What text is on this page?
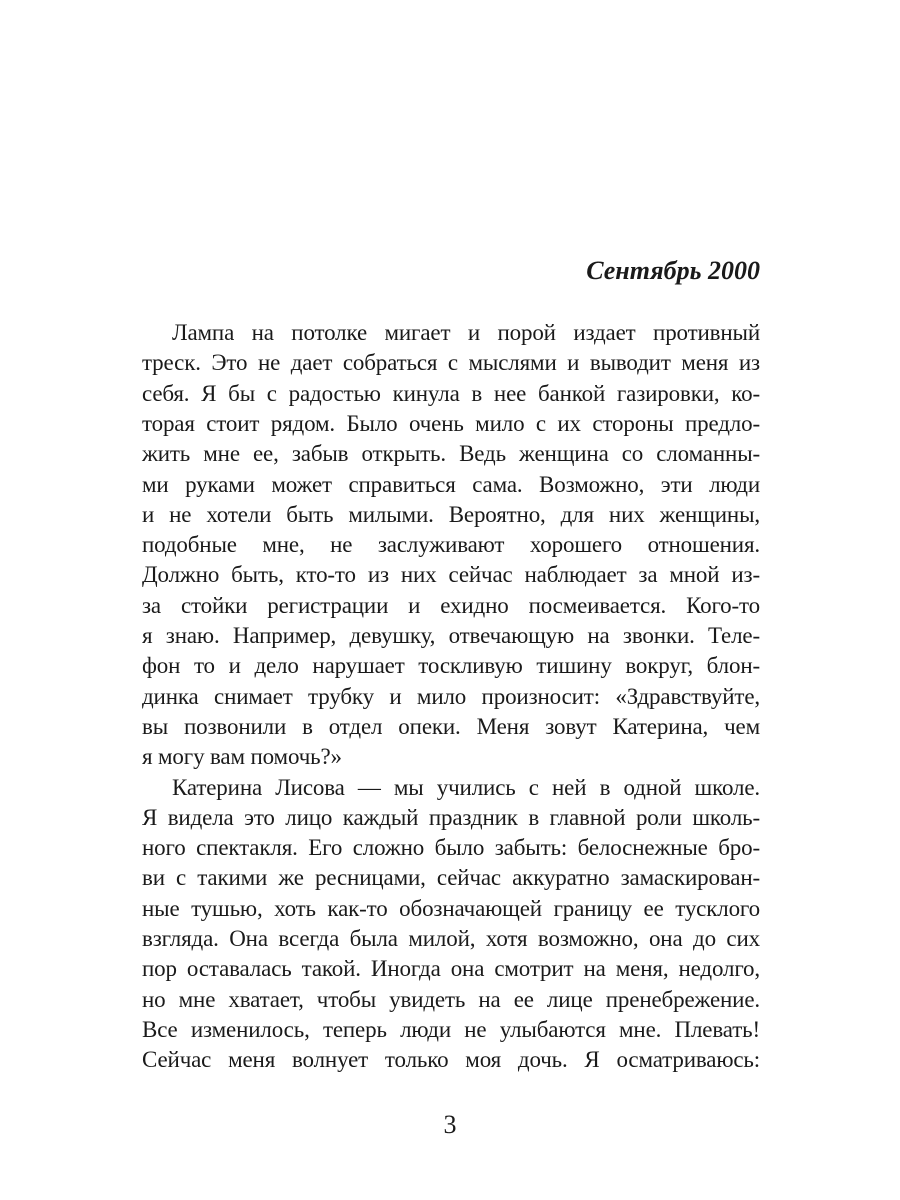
Сентябрь 2000
Лампа на потолке мигает и порой издает противный
треск. Это не дает собраться с мыслями и выводит меня из
себя. Я бы с радостью кинула в нее банкой газировки, ко-
торая стоит рядом. Было очень мило с их стороны предло-
жить мне ее, забыв открыть. Ведь женщина со сломанны-
ми руками может справиться сама. Возможно, эти люди
и не хотели быть милыми. Вероятно, для них женщины,
подобные мне, не заслуживают хорошего отношения.
Должно быть, кто-то из них сейчас наблюдает за мной из-
за стойки регистрации и ехидно посмеивается. Кого-то
я знаю. Например, девушку, отвечающую на звонки. Теле-
фон то и дело нарушает тоскливую тишину вокруг, блон-
динка снимает трубку и мило произносит: «Здравствуйте,
вы позвонили в отдел опеки. Меня зовут Катерина, чем
я могу вам помочь?»
Катерина Лисова — мы учились с ней в одной школе.
Я видела это лицо каждый праздник в главной роли школь-
ного спектакля. Его сложно было забыть: белоснежные бро-
ви с такими же ресницами, сейчас аккуратно замаскирован-
ные тушью, хоть как-то обозначающей границу ее тусклого
взгляда. Она всегда была милой, хотя возможно, она до сих
пор оставалась такой. Иногда она смотрит на меня, недолго,
но мне хватает, чтобы увидеть на ее лице пренебрежение.
Все изменилось, теперь люди не улыбаются мне. Плевать!
Сейчас меня волнует только моя дочь. Я осматриваюсь:
3
